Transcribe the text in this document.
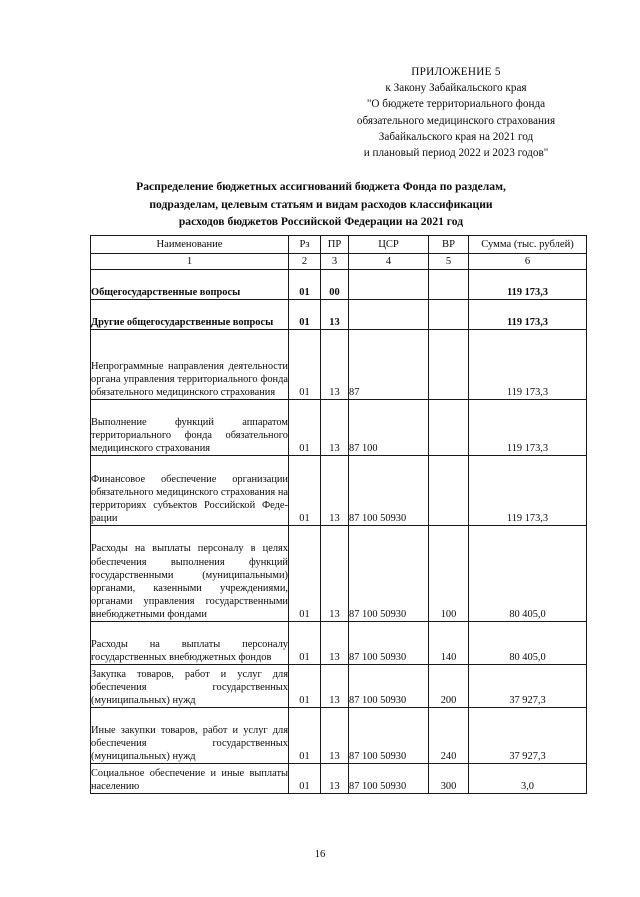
ПРИЛОЖЕНИЕ 5
к Закону Забайкальского края
"О бюджете территориального фонда
обязательного медицинского страхования
Забайкальского края на 2021 год
и плановый период 2022 и 2023 годов"
Распределение бюджетных ассигнований бюджета Фонда по разделам,
подразделам, целевым статьям и видам расходов классификации
расходов бюджетов Российской Федерации на 2021 год
Наименование	Рз	ПР	ЦСР	ВР	Сумма (тыс. рублей)
1	2	3	4	5	6
Общегосударственные вопросы	01	00			119 173,3
Другие общегосударственные вопросы	01	13			119 173,3
Непрограммные направления деятельности органа управления территориального фонда обязательного медицинского страхования	01	13	87		119 173,3
Выполнение функций аппаратом территориального фонда обязательного медицинского страхования	01	13	87 100		119 173,3
Финансовое обеспечение организации обязательного медицинского страхования на территориях субъектов Российской Федерации	01	13	87 100 50930		119 173,3
Расходы на выплаты персоналу в целях обеспечения выполнения функций государственными (муниципальными) органами, казенными учреждениями, органами управления государственными внебюджетными фондами	01	13	87 100 50930	100	80 405,0
Расходы на выплаты персоналу государственных внебюджетных фондов	01	13	87 100 50930	140	80 405,0
Закупка товаров, работ и услуг для обеспечения государственных (муниципальных) нужд	01	13	87 100 50930	200	37 927,3
Иные закупки товаров, работ и услуг для обеспечения государственных (муниципальных) нужд	01	13	87 100 50930	240	37 927,3
Социальное обеспечение и иные выплаты населению	01	13	87 100 50930	300	3,0
16
